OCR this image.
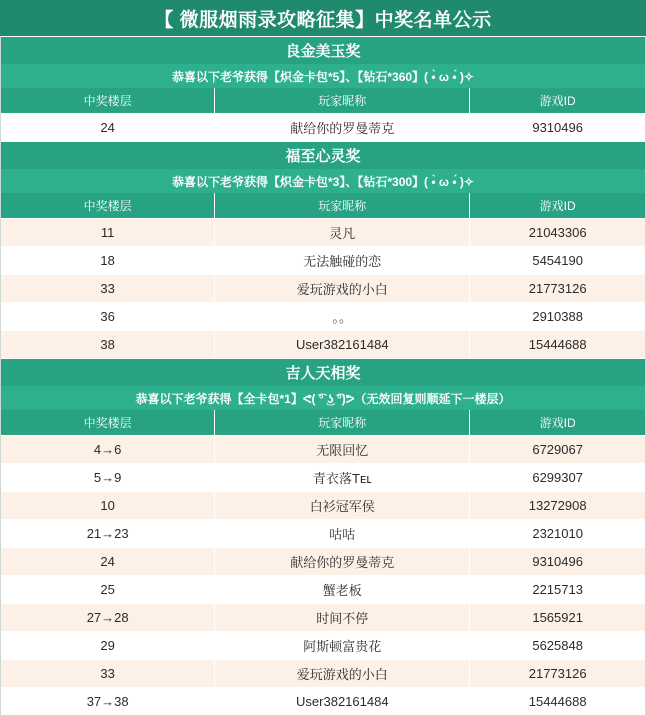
【 微服烟雨录攻略征集】中奖名单公示
良金美玉奖
恭喜以下老爷获得【炽金卡包*5】、【钻石*360】( •̀ ω •́ )✧
中奖楼层	玩家昵称	游戏ID
24	献给你的罗曼蒂克	9310496
福至心灵奖
恭喜以下老爷获得【炽金卡包*3】、【钻石*300】( •̀ ω •́ )✧
中奖楼层	玩家昵称	游戏ID
11	灵凡	21043306
18	无法触碰的恋	5454190
33	爱玩游戏的小白	21773126
36	。。	2910388
38	User382161484	15444688
吉人天相奖
恭喜以下老爷获得【全卡包*1】ᕙ( ͡° ͜ʖ ͡°)ᕗ（无效回复则顺延下一楼层）
中奖楼层	玩家昵称	游戏ID
4→6	无限回忆	6729067
5→9	青衣落Tᴇʟ	6299307
10	白衫冠军侯	13272908
21→23	咕咕	2321010
24	献给你的罗曼蒂克	9310496
25	蟹老板	2215713
27→28	时间不停	1565921
29	阿斯顿富贵花	5625848
33	爱玩游戏的小白	21773126
37→38	User382161484	15444688
